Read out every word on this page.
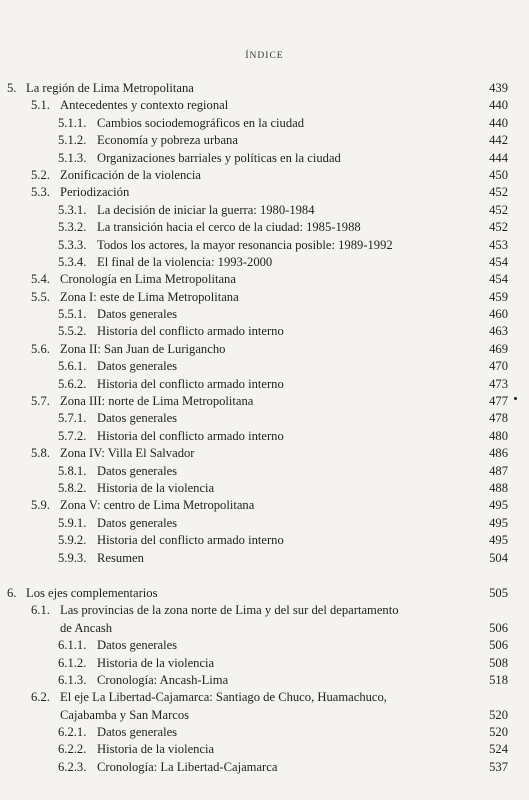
ÍNDICE
5. La región de Lima Metropolitana	439
5.1. Antecedentes y contexto regional	440
5.1.1. Cambios sociodemográficos en la ciudad	440
5.1.2. Economía y pobreza urbana	442
5.1.3. Organizaciones barriales y políticas en la ciudad	444
5.2. Zonificación de la violencia	450
5.3. Periodización	452
5.3.1. La decisión de iniciar la guerra: 1980-1984	452
5.3.2. La transición hacia el cerco de la ciudad: 1985-1988	452
5.3.3. Todos los actores, la mayor resonancia posible: 1989-1992	453
5.3.4. El final de la violencia: 1993-2000	454
5.4. Cronología en Lima Metropolitana	454
5.5. Zona I: este de Lima Metropolitana	459
5.5.1. Datos generales	460
5.5.2. Historia del conflicto armado interno	463
5.6. Zona II: San Juan de Lurigancho	469
5.6.1. Datos generales	470
5.6.2. Historia del conflicto armado interno	473
5.7. Zona III: norte de Lima Metropolitana	477
5.7.1. Datos generales	478
5.7.2. Historia del conflicto armado interno	480
5.8. Zona IV: Villa El Salvador	486
5.8.1. Datos generales	487
5.8.2. Historia de la violencia	488
5.9. Zona V: centro de Lima Metropolitana	495
5.9.1. Datos generales	495
5.9.2. Historia del conflicto armado interno	495
5.9.3. Resumen	504
6. Los ejes complementarios	505
6.1. Las provincias de la zona norte de Lima y del sur del departamento
de Ancash	506
6.1.1. Datos generales	506
6.1.2. Historia de la violencia	508
6.1.3. Cronología: Ancash-Lima	518
6.2. El eje La Libertad-Cajamarca: Santiago de Chuco, Huamachuco,
Cajabamba y San Marcos	520
6.2.1. Datos generales	520
6.2.2. Historia de la violencia	524
6.2.3. Cronología: La Libertad-Cajamarca	537
